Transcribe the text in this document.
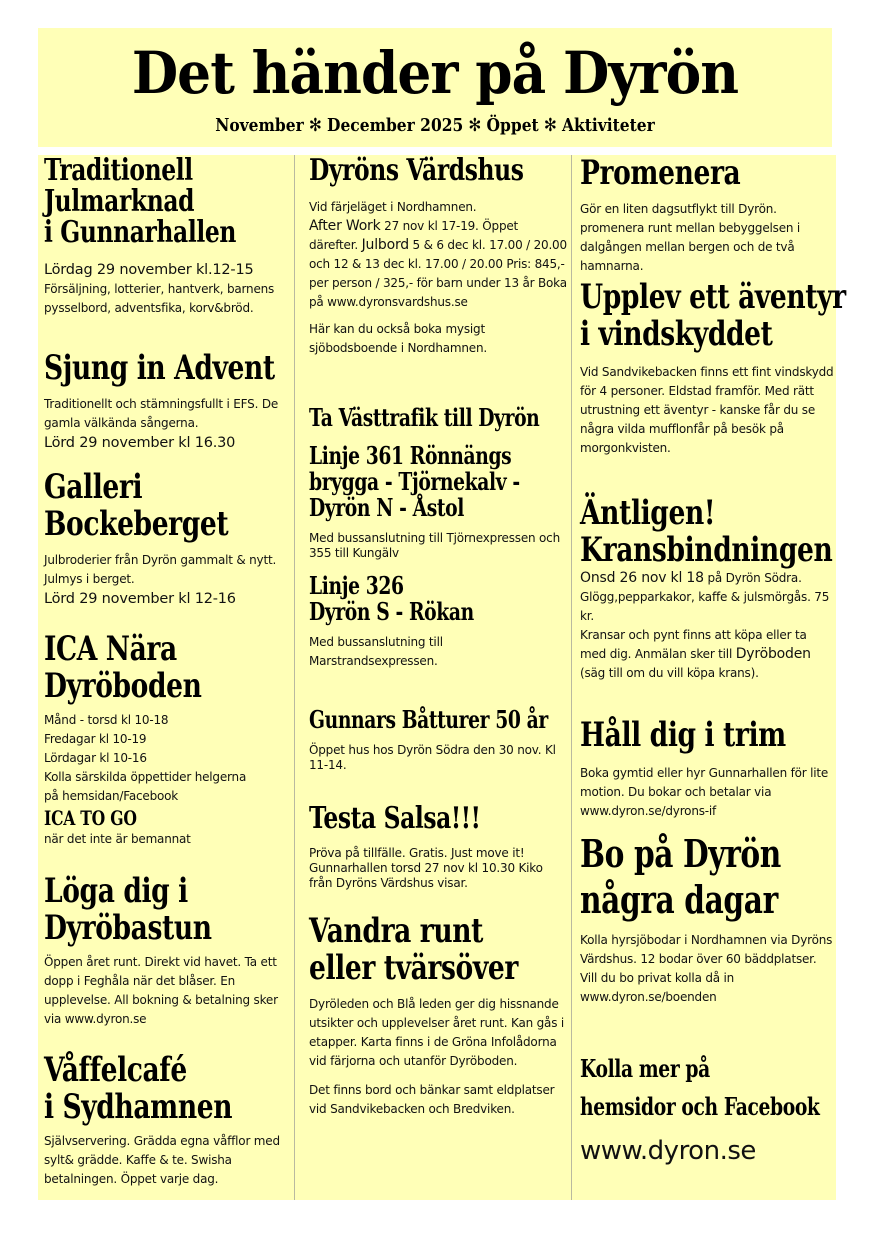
Det händer på Dyrön
November ✻ December 2025 ✻ Öppet ✻ Aktiviteter
Traditionell
Julmarknad
i Gunnarhallen

Lördag 29 november kl.12-15

Försäljning, lotterier, hantverk, barnens pysselbord, adventsfika, korv&bröd.

Sjung in Advent

Traditionellt och stämningsfullt i EFS. De gamla välkända sångerna.

Lörd 29 november kl 16.30

Galleri
Bockeberget

Julbroderier från Dyrön gammalt & nytt. Julmys i berget.

Lörd 29 november kl 12-16

ICA Nära
Dyröboden

Månd - torsd kl 10-18

Fredagar kl 10-19

Lördagar kl 10-16

Kolla särskilda öppettider helgerna

på hemsidan/Facebook

ICA TO GO

när det inte är bemannat

Löga dig i
Dyröbastun

Öppen året runt. Direkt vid havet. Ta ett dopp i Feghåla när det blåser. En upplevelse. All bokning & betalning sker via www.dyron.se

Våffelcafé
i Sydhamnen

Självservering. Grädda egna våfflor med sylt& grädde. Kaffe & te. Swisha betalningen. Öppet varje dag.

Dyröns Värdshus

Vid färjeläget i Nordhamnen.

After Work 27 nov kl 17-19. Öppet därefter. Julbord 5 & 6 dec kl. 17.00 / 20.00 och 12 & 13 dec kl. 17.00 / 20.00 Pris: 845,- per person / 325,- för barn under 13 år Boka på www.dyronsvardshus.se

Här kan du också boka mysigt sjöbodsboende i Nordhamnen.

Ta Västtrafik till Dyrön
Linje 361 Rönnängs
brygga - Tjörnekalv -
Dyrön N - Åstol

Med bussanslutning till Tjörnexpressen och 355 till Kungälv

Linje 326
Dyrön S - Rökan

Med bussanslutning till Marstrandsexpressen.

Gunnars Båtturer 50 år

Öppet hus hos Dyrön Södra den 30 nov. Kl 11-14.

Testa Salsa!!!

Pröva på tillfälle. Gratis. Just move it! Gunnarhallen torsd 27 nov kl 10.30 Kiko från Dyröns Värdshus visar.

Vandra runt
eller tvärsöver

Dyröleden och Blå leden ger dig hissnande utsikter och upplevelser året runt. Kan gås i etapper. Karta finns i de Gröna Infolådorna vid färjorna och utanför Dyröboden.

Det finns bord och bänkar samt eldplatser vid Sandvikebacken och Bredviken.

Promenera

Gör en liten dagsutflykt till Dyrön. promenera runt mellan bebyggelsen i dalgången mellan bergen och de två hamnarna.

Upplev ett äventyr
i vindskyddet

Vid Sandvikebacken finns ett fint vindskydd för 4 personer. Eldstad framför. Med rätt utrustning ett äventyr - kanske får du se några vilda mufflonfår på besök på morgonkvisten.

Äntligen!
Kransbindningen

Onsd 26 nov kl 18 på Dyrön Södra. Glögg,pepparkakor, kaffe & julsmörgås. 75 kr.

Kransar och pynt finns att köpa eller ta med dig. Anmälan sker till Dyröboden (säg till om du vill köpa krans).

Håll dig i trim

Boka gymtid eller hyr Gunnarhallen för lite motion. Du bokar och betalar via www.dyron.se/dyrons-if

Bo på Dyrön
några dagar

Kolla hyrsjöbodar i Nordhamnen via Dyröns Värdshus. 12 bodar över 60 bäddplatser.

Vill du bo privat kolla då in www.dyron.se/boenden

Kolla mer på
hemsidor och Facebook
www.dyron.se
